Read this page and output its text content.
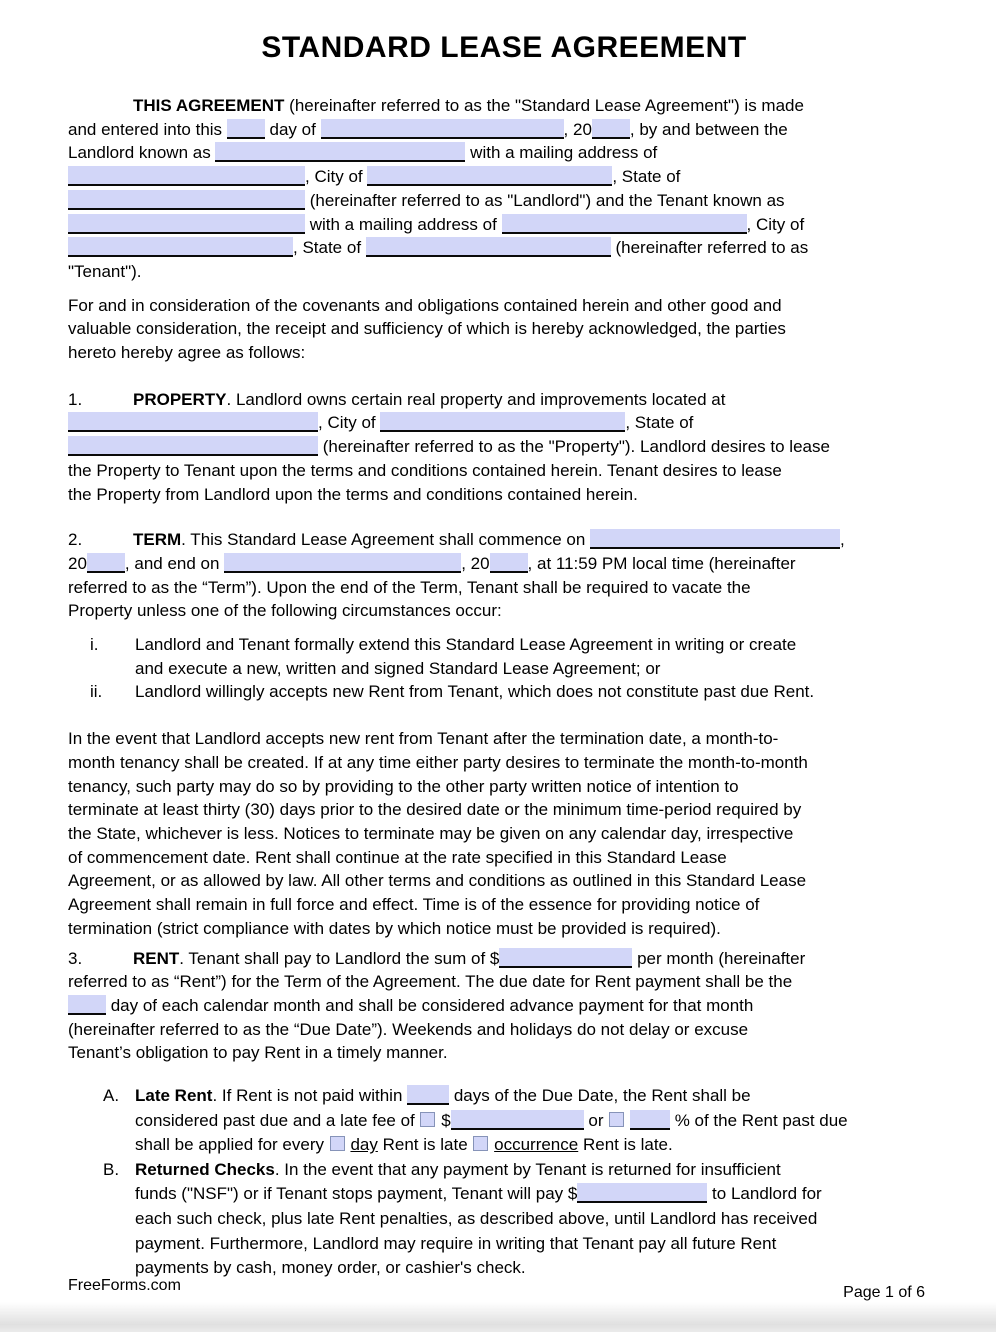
STANDARD LEASE AGREEMENT
THIS AGREEMENT (hereinafter referred to as the "Standard Lease Agreement") is made
and entered into this  day of	, 20 , by and between the
Landlord known as	with a mailing address of
, City of	, State of
(hereinafter referred to as "Landlord") and the Tenant known as
with a mailing address of	, City of
, State of	(hereinafter referred to as
"Tenant").
For and in consideration of the covenants and obligations contained herein and other good and
valuable consideration, the receipt and sufficiency of which is hereby acknowledged, the parties
hereto hereby agree as follows:
1.	PROPERTY. Landlord owns certain real property and improvements located at
, City of	, State of
(hereinafter referred to as the "Property"). Landlord desires to lease
the Property to Tenant upon the terms and conditions contained herein. Tenant desires to lease
the Property from Landlord upon the terms and conditions contained herein.
2.	TERM. This Standard Lease Agreement shall commence on	,
20 , and end on	, 20 , at 11:59 PM local time (hereinafter
referred to as the “Term”). Upon the end of the Term, Tenant shall be required to vacate the
Property unless one of the following circumstances occur:
i. Landlord and Tenant formally extend this Standard Lease Agreement in writing or create
and execute a new, written and signed Standard Lease Agreement; or
ii. Landlord willingly accepts new Rent from Tenant, which does not constitute past due Rent.
In the event that Landlord accepts new rent from Tenant after the termination date, a month-to-
month tenancy shall be created. If at any time either party desires to terminate the month-to-month
tenancy, such party may do so by providing to the other party written notice of intention to
terminate at least thirty (30) days prior to the desired date or the minimum time-period required by
the State, whichever is less. Notices to terminate may be given on any calendar day, irrespective
of commencement date. Rent shall continue at the rate specified in this Standard Lease
Agreement, or as allowed by law. All other terms and conditions as outlined in this Standard Lease
Agreement shall remain in full force and effect. Time is of the essence for providing notice of
termination (strict compliance with dates by which notice must be provided is required).
3.	RENT. Tenant shall pay to Landlord the sum of $	per month (hereinafter
referred to as “Rent”) for the Term of the Agreement. The due date for Rent payment shall be the
day of each calendar month and shall be considered advance payment for that month
(hereinafter referred to as the “Due Date”). Weekends and holidays do not delay or excuse
Tenant’s obligation to pay Rent in a timely manner.
A. Late Rent. If Rent is not paid within  days of the Due Date, the Rent shall be
considered past due and a late fee of  $	or	% of the Rent past due
shall be applied for every  day Rent is late  occurrence Rent is late.
B. Returned Checks. In the event that any payment by Tenant is returned for insufficient
funds ("NSF") or if Tenant stops payment, Tenant will pay $	to Landlord for
each such check, plus late Rent penalties, as described above, until Landlord has received
payment. Furthermore, Landlord may require in writing that Tenant pay all future Rent
payments by cash, money order, or cashier's check.
FreeForms.com	Page 1 of 6
